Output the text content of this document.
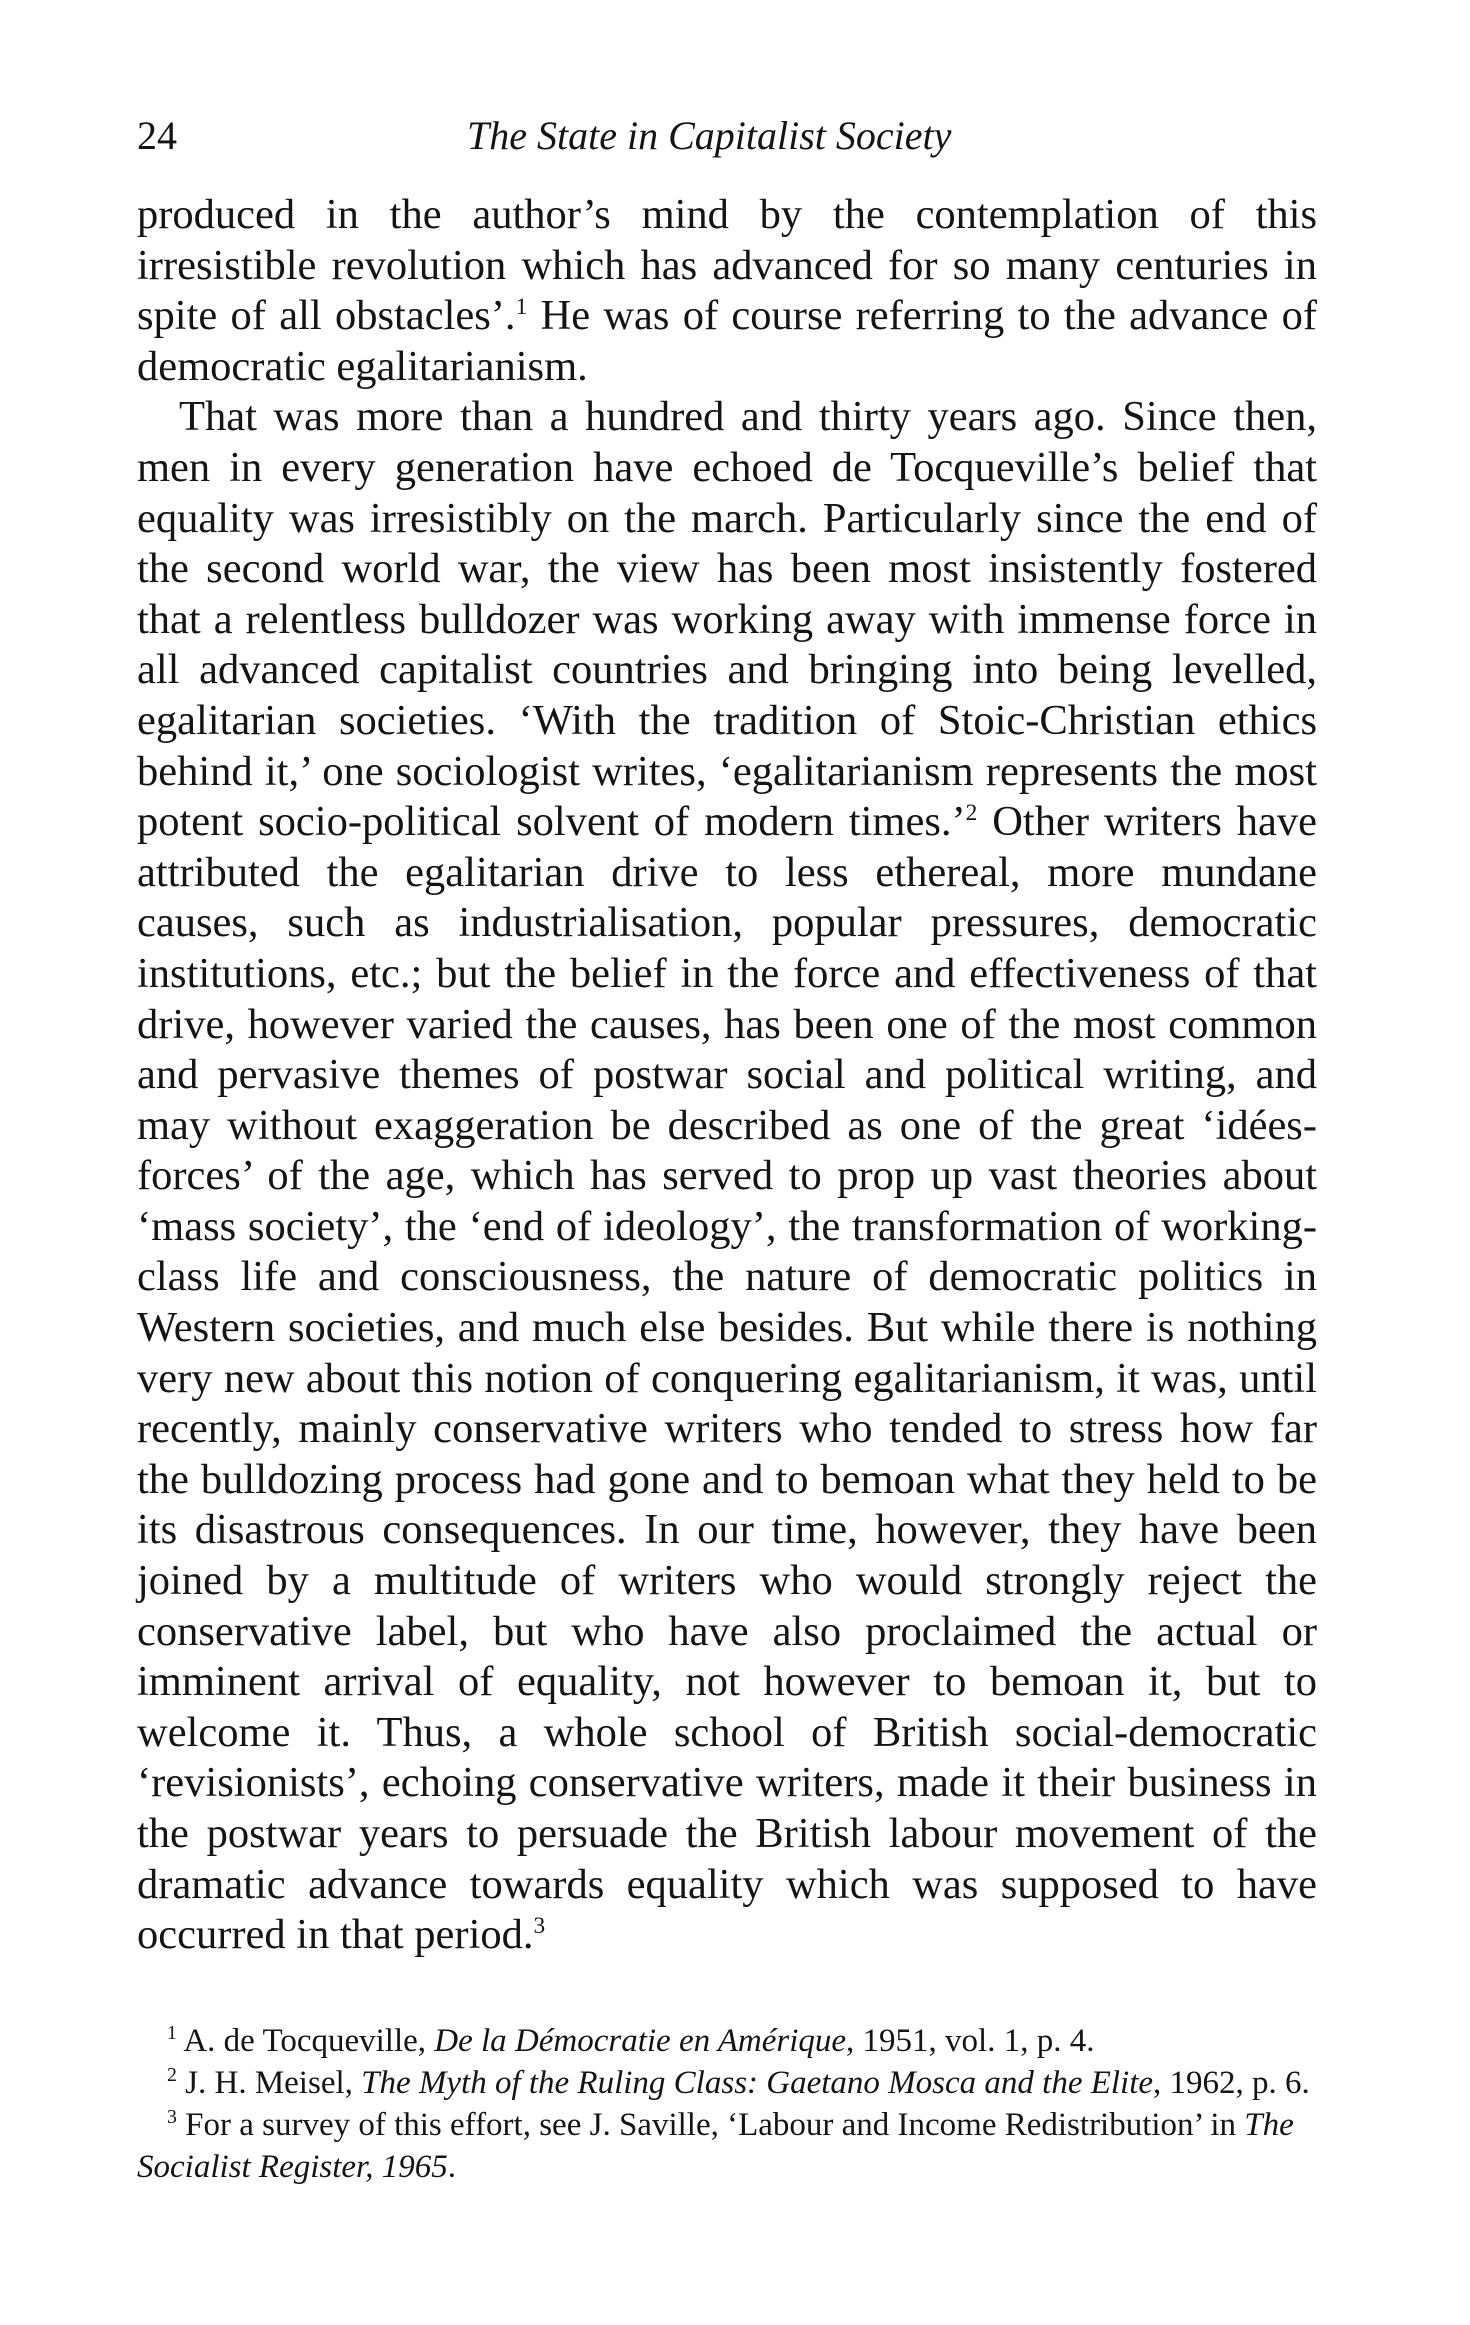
24	The State in Capitalist Society

produced in the author’s mind by the contemplation of this irresistible revolution which has advanced for so many centuries in spite of all obstacles’.$^1$ He was of course referring to the advance of democratic egalitarianism.

That was more than a hundred and thirty years ago. Since then, men in every generation have echoed de Tocqueville’s belief that equality was irresistibly on the march. Particularly since the end of the second world war, the view has been most insistently fostered that a relentless bulldozer was working away with immense force in all advanced capitalist countries and bringing into being levelled, egalitarian societies. ‘With the tradition of Stoic-Christian ethics behind it,’ one sociologist writes, ‘egalitarianism represents the most potent socio-political solvent of modern times.’$^2$ Other writers have attributed the egalitarian drive to less ethereal, more mundane causes, such as industrialisation, popular pressures, democratic institutions, etc.; but the belief in the force and effectiveness of that drive, however varied the causes, has been one of the most common and pervasive themes of postwar social and political writing, and may without exaggeration be described as one of the great ‘idées-forces’ of the age, which has served to prop up vast theories about ‘mass society’, the ‘end of ideology’, the transformation of working-class life and consciousness, the nature of democratic politics in Western societies, and much else besides. But while there is nothing very new about this notion of conquering egalitarianism, it was, until recently, mainly conservative writers who tended to stress how far the bulldozing process had gone and to bemoan what they held to be its disastrous consequences. In our time, however, they have been joined by a multitude of writers who would strongly reject the conservative label, but who have also proclaimed the actual or imminent arrival of equality, not however to bemoan it, but to welcome it. Thus, a whole school of British social-democratic ‘revisionists’, echoing conservative writers, made it their business in the postwar years to persuade the British labour movement of the dramatic advance towards equality which was supposed to have occurred in that period.$^3$

$^1$ A. de Tocqueville, De la Démocratie en Amérique, 1951, vol. 1, p. 4.

$^2$ J. H. Meisel, The Myth of the Ruling Class: Gaetano Mosca and the Elite, 1962, p. 6.

$^3$ For a survey of this effort, see J. Saville, ‘Labour and Income Redistribution’ in The Socialist Register, 1965.
